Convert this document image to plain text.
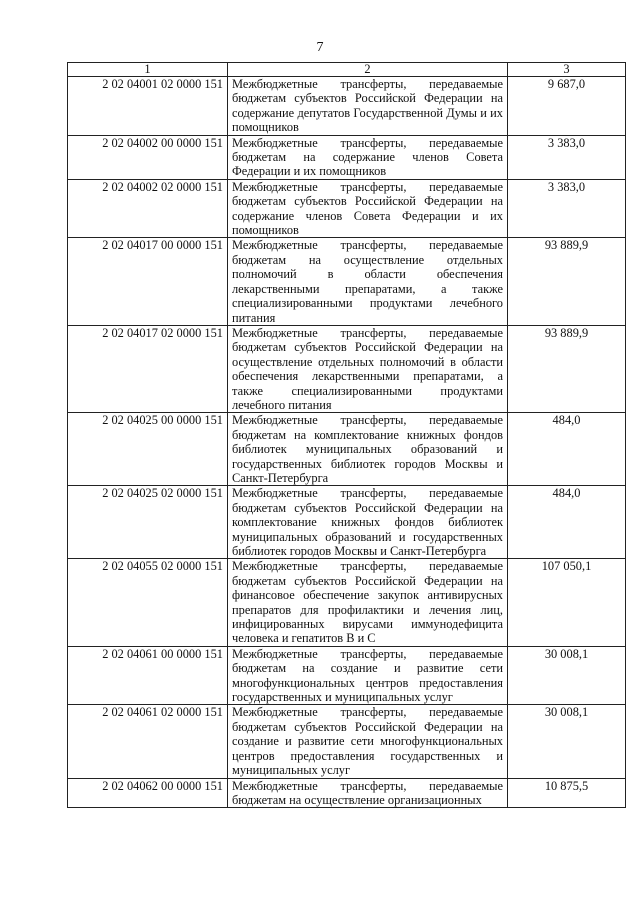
7
1	2	3
2 02 04001 02 0000 151	Межбюджетные трансферты, передаваемые бюджетам субъектов Российской Федерации на содержание депутатов Государственной Думы и их помощников	9 687,0
2 02 04002 00 0000 151	Межбюджетные трансферты, передаваемые бюджетам на содержание членов Совета Федерации и их помощников	3 383,0
2 02 04002 02 0000 151	Межбюджетные трансферты, передаваемые бюджетам субъектов Российской Федерации на содержание членов Совета Федерации и их помощников	3 383,0
2 02 04017 00 0000 151	Межбюджетные трансферты, передаваемые бюджетам на осуществление отдельных полномочий в области обеспечения лекарственными препаратами, а также специализированными продуктами лечебного питания	93 889,9
2 02 04017 02 0000 151	Межбюджетные трансферты, передаваемые бюджетам субъектов Российской Федерации на осуществление отдельных полномочий в области обеспечения лекарственными препаратами, а также специализированными продуктами лечебного питания	93 889,9
2 02 04025 00 0000 151	Межбюджетные трансферты, передаваемые бюджетам на комплектование книжных фондов библиотек муниципальных образований и государственных библиотек городов Москвы и Санкт-Петербурга	484,0
2 02 04025 02 0000 151	Межбюджетные трансферты, передаваемые бюджетам субъектов Российской Федерации на комплектование книжных фондов библиотек муниципальных образований и государственных библиотек городов Москвы и Санкт-Петербурга	484,0
2 02 04055 02 0000 151	Межбюджетные трансферты, передаваемые бюджетам субъектов Российской Федерации на финансовое обеспечение закупок антивирусных препаратов для профилактики и лечения лиц, инфицированных вирусами иммунодефицита человека и гепатитов B и C	107 050,1
2 02 04061 00 0000 151	Межбюджетные трансферты, передаваемые бюджетам на создание и развитие сети многофункциональных центров предоставления государственных и муниципальных услуг	30 008,1
2 02 04061 02 0000 151	Межбюджетные трансферты, передаваемые бюджетам субъектов Российской Федерации на создание и развитие сети многофункциональных центров предоставления государственных и муниципальных услуг	30 008,1
2 02 04062 00 0000 151	Межбюджетные трансферты, передаваемые бюджетам на осуществление организационных	10 875,5
